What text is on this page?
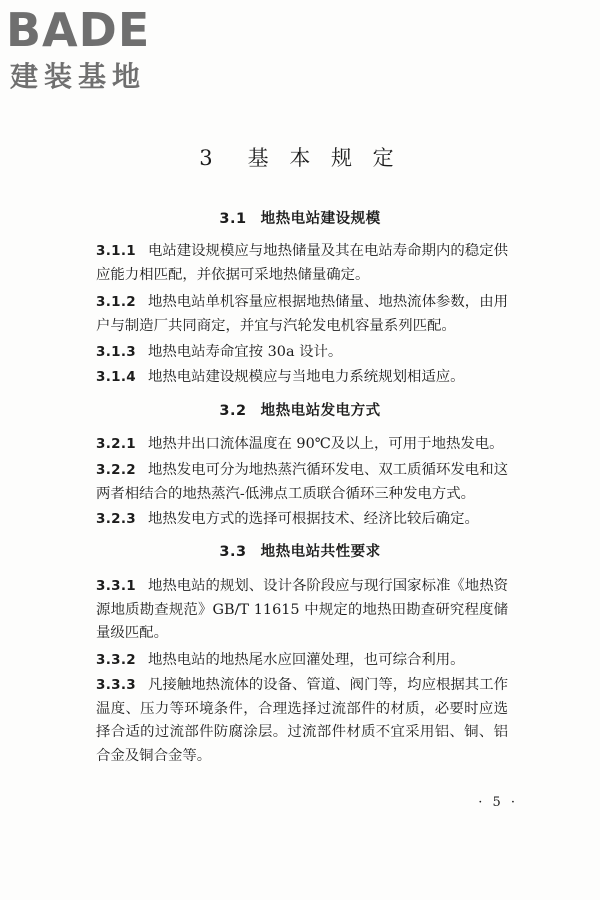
BADE
建装基地
3　基 本 规 定
3.1 地热电站建设规模
3.1.1 电站建设规模应与地热储量及其在电站寿命期内的稳定供应能力相匹配，并依据可采地热储量确定。
3.1.2 地热电站单机容量应根据地热储量、地热流体参数，由用户与制造厂共同商定，并宜与汽轮发电机容量系列匹配。
3.1.3 地热电站寿命宜按 30a 设计。
3.1.4 地热电站建设规模应与当地电力系统规划相适应。
3.2 地热电站发电方式
3.2.1 地热井出口流体温度在 90℃及以上，可用于地热发电。
3.2.2 地热发电可分为地热蒸汽循环发电、双工质循环发电和这两者相结合的地热蒸汽-低沸点工质联合循环三种发电方式。
3.2.3 地热发电方式的选择可根据技术、经济比较后确定。
3.3 地热电站共性要求
3.3.1 地热电站的规划、设计各阶段应与现行国家标准《地热资源地质勘查规范》GB/T 11615 中规定的地热田勘查研究程度储量级匹配。
3.3.2 地热电站的地热尾水应回灌处理，也可综合利用。
3.3.3 凡接触地热流体的设备、管道、阀门等，均应根据其工作温度、压力等环境条件，合理选择过流部件的材质，必要时应选择合适的过流部件防腐涂层。过流部件材质不宜采用铝、铜、铝合金及铜合金等。
· 5 ·
